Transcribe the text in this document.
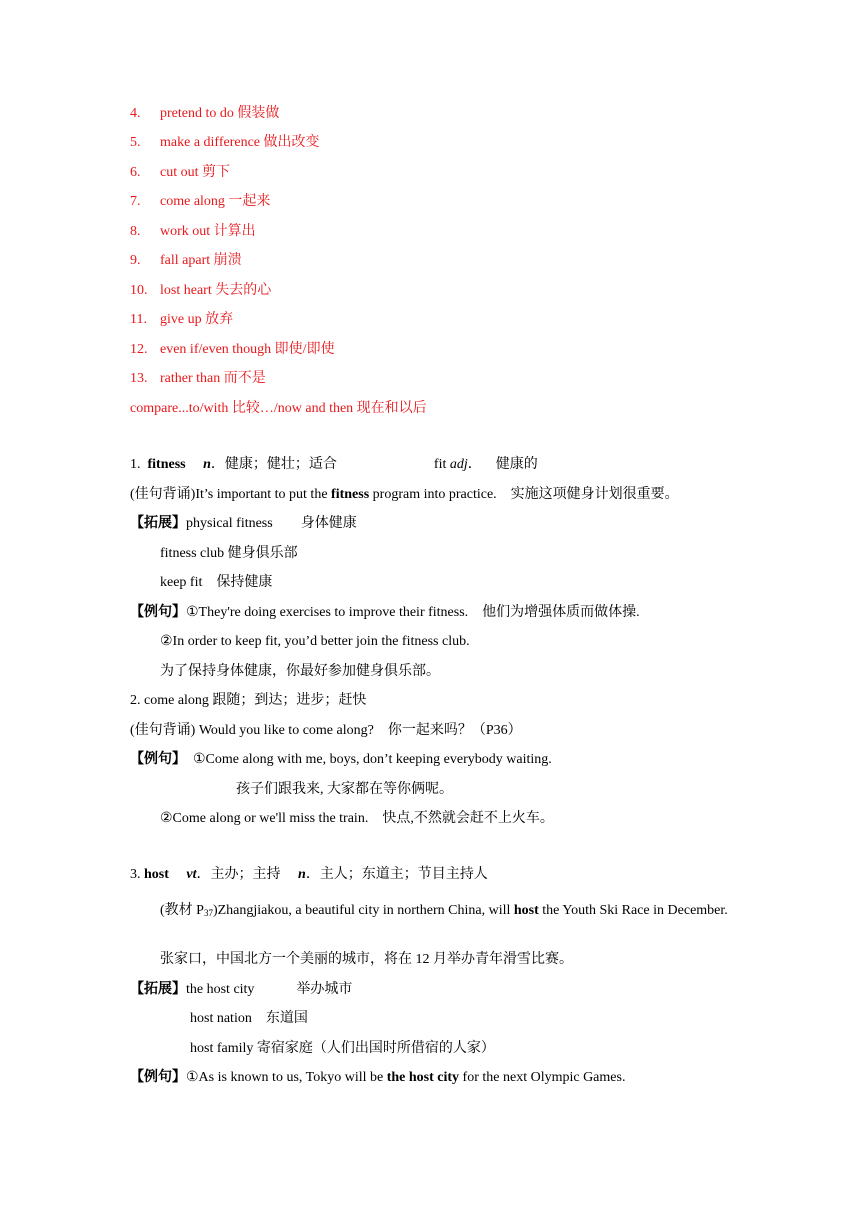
4. pretend to do 假装做
5. make a difference 做出改变
6. cut out 剪下
7. come along 一起来
8. work out 计算出
9. fall apart 崩溃
10. lost heart 失去的心
11. give up 放弃
12. even if/even though 即使/即使
13. rather than 而不是
compare...to/with 比较…/now and then 现在和以后
1. fitness n．健康；健壮；适合	fit adj．    健康的
(佳句背诵)It’s important to put the fitness program into practice.　实施这项健身计划很重要。
【拓展】physical fitness　　身体健康
fitness club 健身俱乐部
keep fit　保持健康
【例句】①They're doing exercises to improve their fitness.　他们为增强体质而做体操.
②In order to keep fit, you’d better join the fitness club.
为了保持身体健康，你最好参加健身俱乐部。
2. come along 跟随；到达；进步；赶快
(佳句背诵) Would you like to come along?　你一起来吗？（P36）
【例句】 ①Come along with me, boys, don’t keeping everybody waiting.
孩子们跟我来, 大家都在等你俩呢。
②Come along or we'll miss the train.　快点,不然就会赶不上火车。
3. host vt．主办；主持 n．主人；东道主；节目主持人
(教材 $P_{37})Zhangjiakou$, a beautiful city in northern China, will host the Youth Ski Race in December.
张家口，中国北方一个美丽的城市，将在 12 月举办青年滑雪比赛。
【拓展】the host city　　　举办城市
host nation　东道国
host family 寄宿家庭（人们出国时所借宿的人家）
【例句】①As is known to us, Tokyo will be the host city for the next Olympic Games.
